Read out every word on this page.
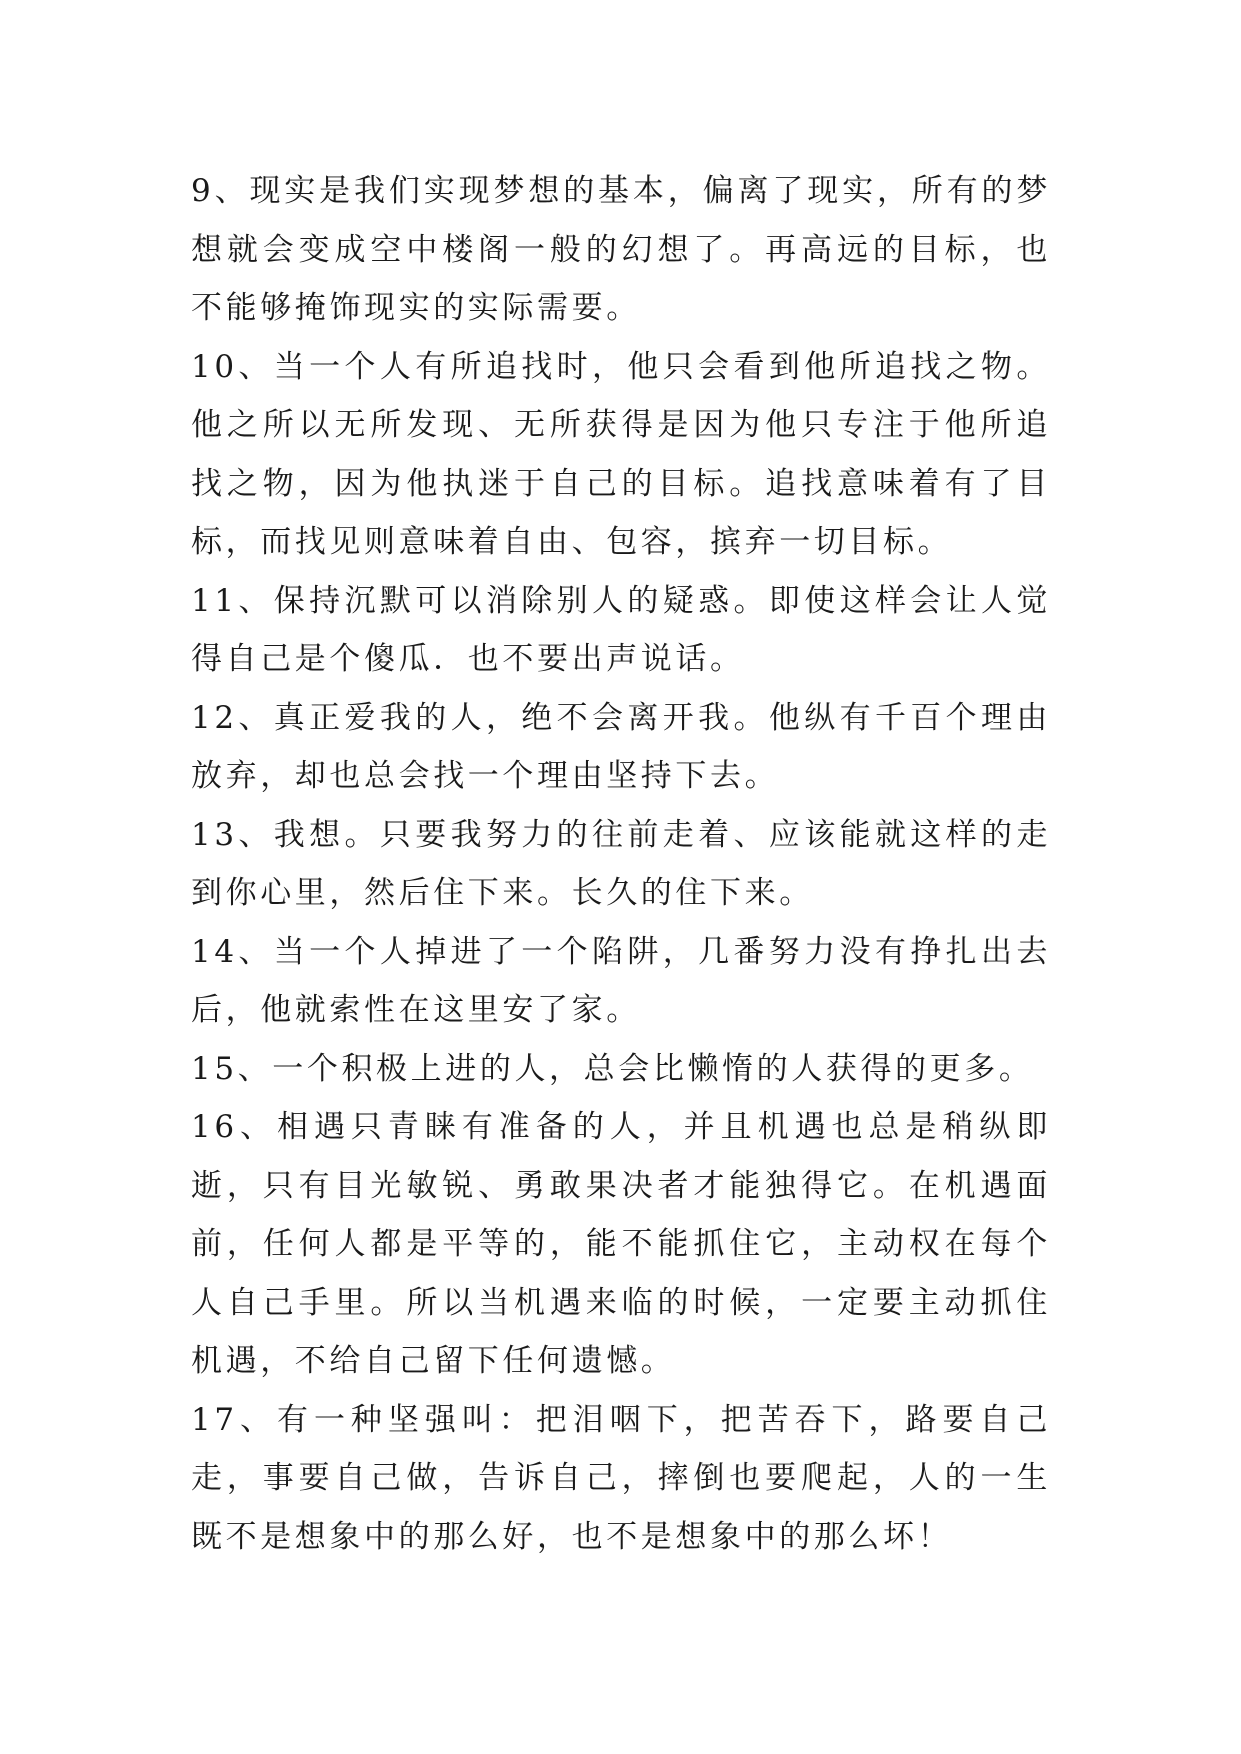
9、现实是我们实现梦想的基本，偏离了现实，所有的梦想就会变成空中楼阁一般的幻想了。再高远的目标，也不能够掩饰现实的实际需要。

10、当一个人有所追找时，他只会看到他所追找之物。他之所以无所发现、无所获得是因为他只专注于他所追找之物，因为他执迷于自己的目标。追找意味着有了目标，而找见则意味着自由、包容，摈弃一切目标。

11、保持沉默可以消除别人的疑惑。即使这样会让人觉得自己是个傻瓜．也不要出声说话。

12、真正爱我的人，绝不会离开我。他纵有千百个理由放弃，却也总会找一个理由坚持下去。

13、我想。只要我努力的往前走着、应该能就这样的走到你心里，然后住下来。长久的住下来。

14、当一个人掉进了一个陷阱，几番努力没有挣扎出去后，他就索性在这里安了家。

15、一个积极上进的人，总会比懒惰的人获得的更多。

16、相遇只青睐有准备的人，并且机遇也总是稍纵即逝，只有目光敏锐、勇敢果决者才能独得它。在机遇面前，任何人都是平等的，能不能抓住它，主动权在每个人自己手里。所以当机遇来临的时候，一定要主动抓住机遇，不给自己留下任何遗憾。

17、有一种坚强叫：把泪咽下，把苦吞下，路要自己走，事要自己做，告诉自己，摔倒也要爬起，人的一生既不是想象中的那么好，也不是想象中的那么坏！
